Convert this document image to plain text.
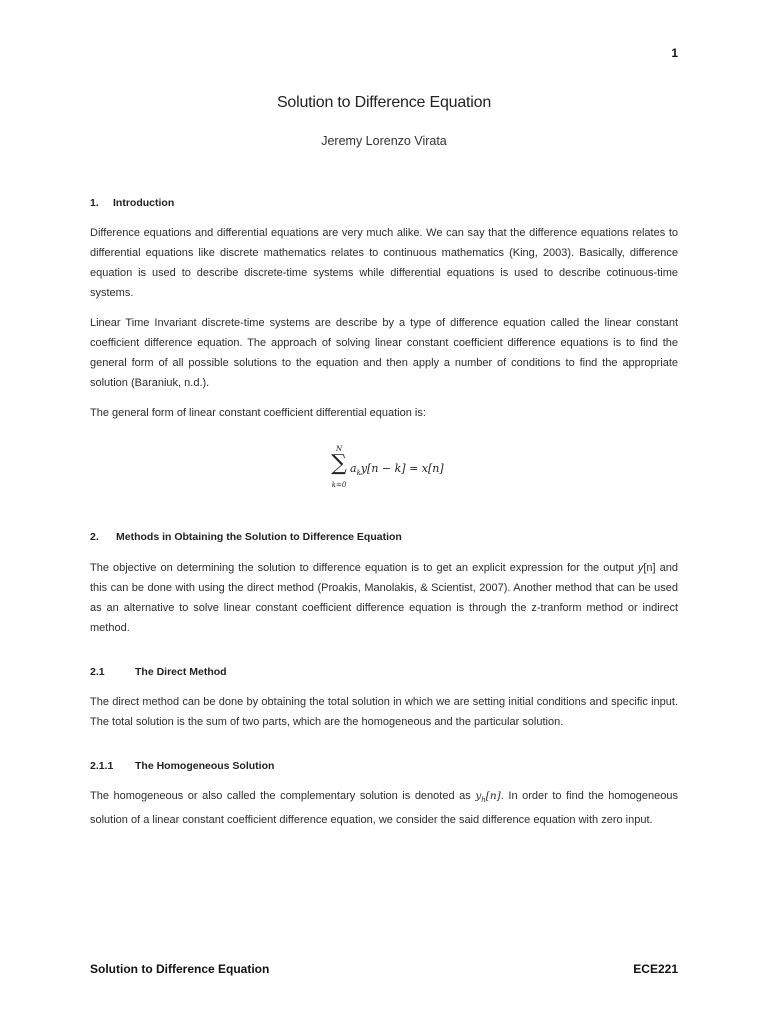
1
Solution to Difference Equation
Jeremy Lorenzo Virata
1.	Introduction

Difference equations and differential equations are very much alike. We can say that the difference equations relates to differential equations like discrete mathematics relates to continuous mathematics (King, 2003). Basically, difference equation is used to describe discrete-time systems while differential equations is used to describe cotinuous-time systems.

Linear Time Invariant discrete-time systems are describe by a type of difference equation called the linear constant coefficient difference equation. The approach of solving linear constant coefficient difference equations is to find the general form of all possible solutions to the equation and then apply a number of conditions to find the appropriate solution (Baraniuk, n.d.).

The general form of linear constant coefficient differential equation is:

N
∑
k=0
$a_ky[n - k] = x[n]$
2.	Methods in Obtaining the Solution to Difference Equation

The objective on determining the solution to difference equation is to get an explicit expression for the output y[n] and this can be done with using the direct method (Proakis, Manolakis, & Scientist, 2007). Another method that can be used as an alternative to solve linear constant coefficient difference equation is through the z-tranform method or indirect method.

2.1	The Direct Method

The direct method can be done by obtaining the total solution in which we are setting initial conditions and specific input. The total solution is the sum of two parts, which are the homogeneous and the particular solution.

2.1.1	The Homogeneous Solution

The homogeneous or also called the complementary solution is denoted as $y_h[n]$. In order to find the homogeneous solution of a linear constant coefficient difference equation, we consider the said difference equation with zero input.

Solution to Difference Equation	ECE221
